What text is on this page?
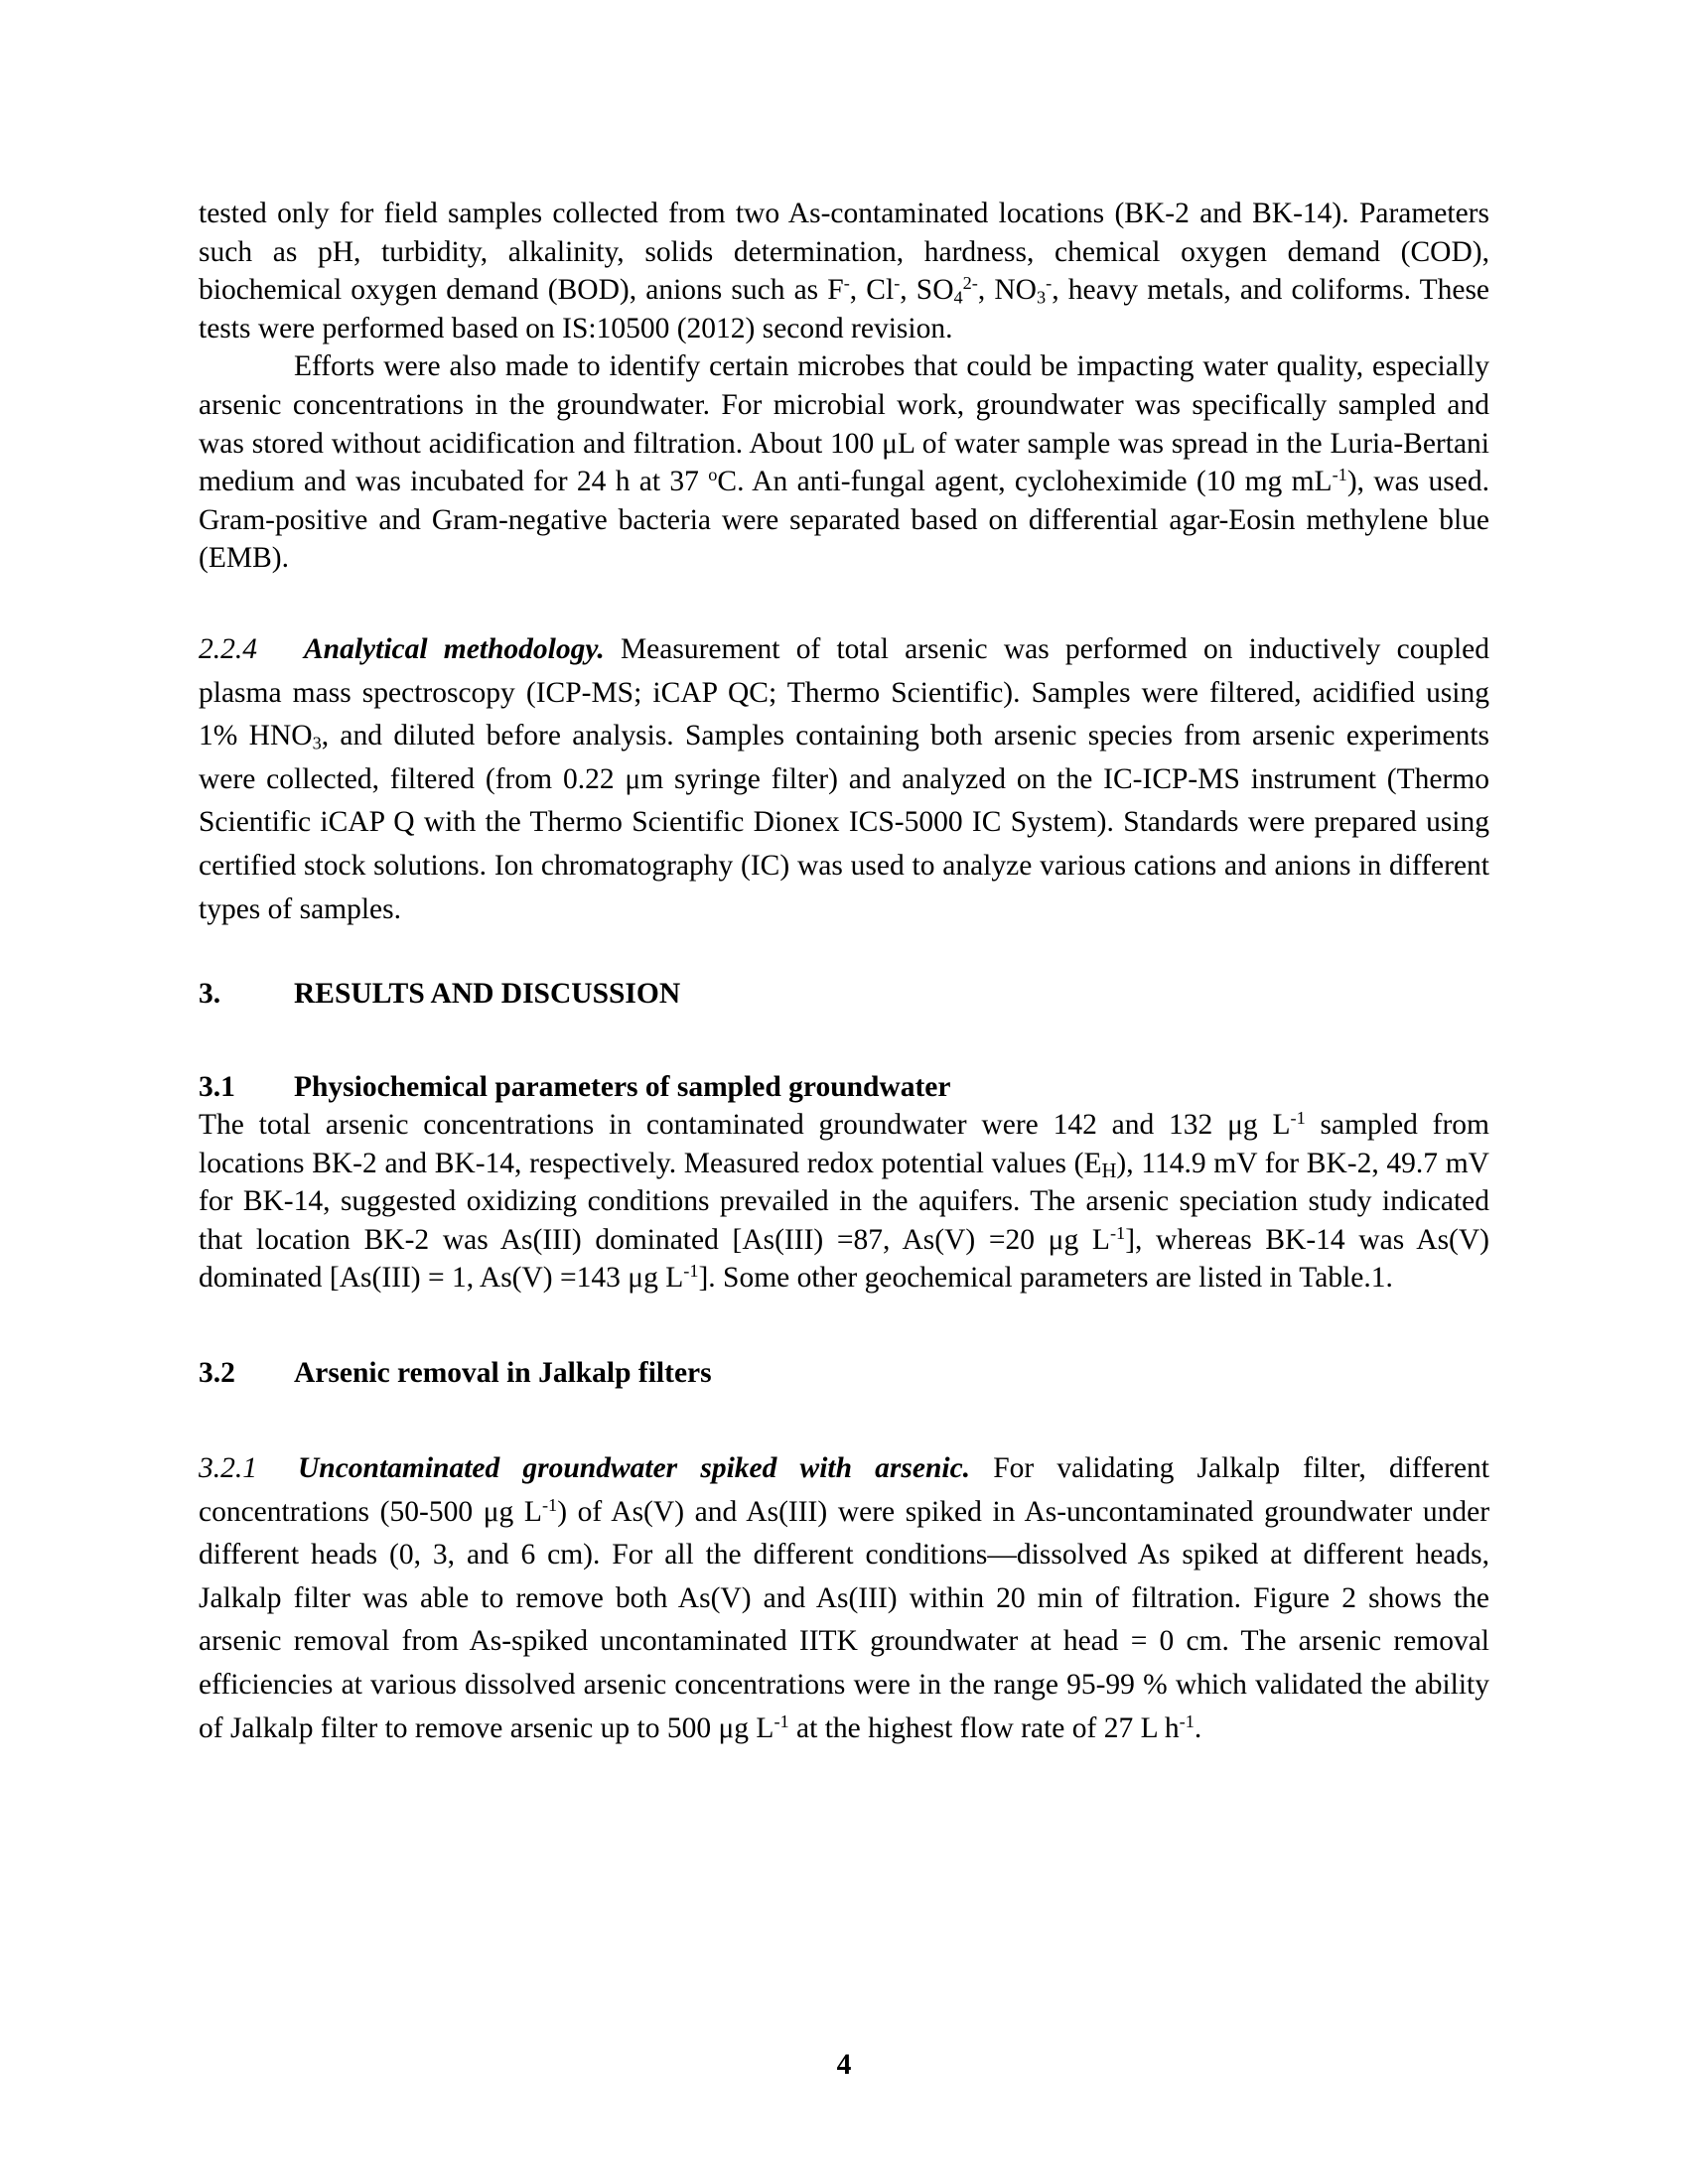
tested only for field samples collected from two As-contaminated locations (BK-2 and BK-14). Parameters such as pH, turbidity, alkalinity, solids determination, hardness, chemical oxygen demand (COD), biochemical oxygen demand (BOD), anions such as F-, Cl-, $SO_4^{2-}$, $NO_3^-$, heavy metals, and coliforms. These tests were performed based on IS:10500 (2012) second revision.

Efforts were also made to identify certain microbes that could be impacting water quality, especially arsenic concentrations in the groundwater. For microbial work, groundwater was specifically sampled and was stored without acidification and filtration. About 100 μL of water sample was spread in the Luria-Bertani medium and was incubated for 24 h at 37 $^o$C. An anti-fungal agent, cycloheximide (10 mg $mL^{-1}$), was used. Gram-positive and Gram-negative bacteria were separated based on differential agar-Eosin methylene blue (EMB).

2.2.4 Analytical methodology. Measurement of total arsenic was performed on inductively coupled plasma mass spectroscopy (ICP-MS; iCAP QC; Thermo Scientific). Samples were filtered, acidified using 1% $HNO_3$, and diluted before analysis. Samples containing both arsenic species from arsenic experiments were collected, filtered (from 0.22 μm syringe filter) and analyzed on the IC-ICP-MS instrument (Thermo Scientific iCAP Q with the Thermo Scientific Dionex ICS-5000 IC System). Standards were prepared using certified stock solutions. Ion chromatography (IC) was used to analyze various cations and anions in different types of samples.

3.	RESULTS AND DISCUSSION

3.1 Physiochemical parameters of sampled groundwater

The total arsenic concentrations in contaminated groundwater were 142 and 132 μg $L^{-1}$ sampled from locations BK-2 and BK-14, respectively. Measured redox potential values $(E_H)$, 114.9 mV for BK-2, 49.7 mV for BK-14, suggested oxidizing conditions prevailed in the aquifers. The arsenic speciation study indicated that location BK-2 was As(III) dominated [As(III) =87, As(V) =20 μg $L^{-1}$], whereas BK-14 was As(V) dominated [As(III) = 1, As(V) =143 μg $L^{-1}$]. Some other geochemical parameters are listed in Table.1.

3.2 Arsenic removal in Jalkalp filters

3.2.1 Uncontaminated groundwater spiked with arsenic. For validating Jalkalp filter, different concentrations (50-500 μg $L^{-1}$) of As(V) and As(III) were spiked in As-uncontaminated groundwater under different heads (0, 3, and 6 cm). For all the different conditions—dissolved As spiked at different heads, Jalkalp filter was able to remove both As(V) and As(III) within 20 min of filtration. Figure 2 shows the arsenic removal from As-spiked uncontaminated IITK groundwater at head = 0 cm. The arsenic removal efficiencies at various dissolved arsenic concentrations were in the range 95-99 % which validated the ability of Jalkalp filter to remove arsenic up to 500 μg $L^{-1}$ at the highest flow rate of 27 L $h^{-1}$.

4
